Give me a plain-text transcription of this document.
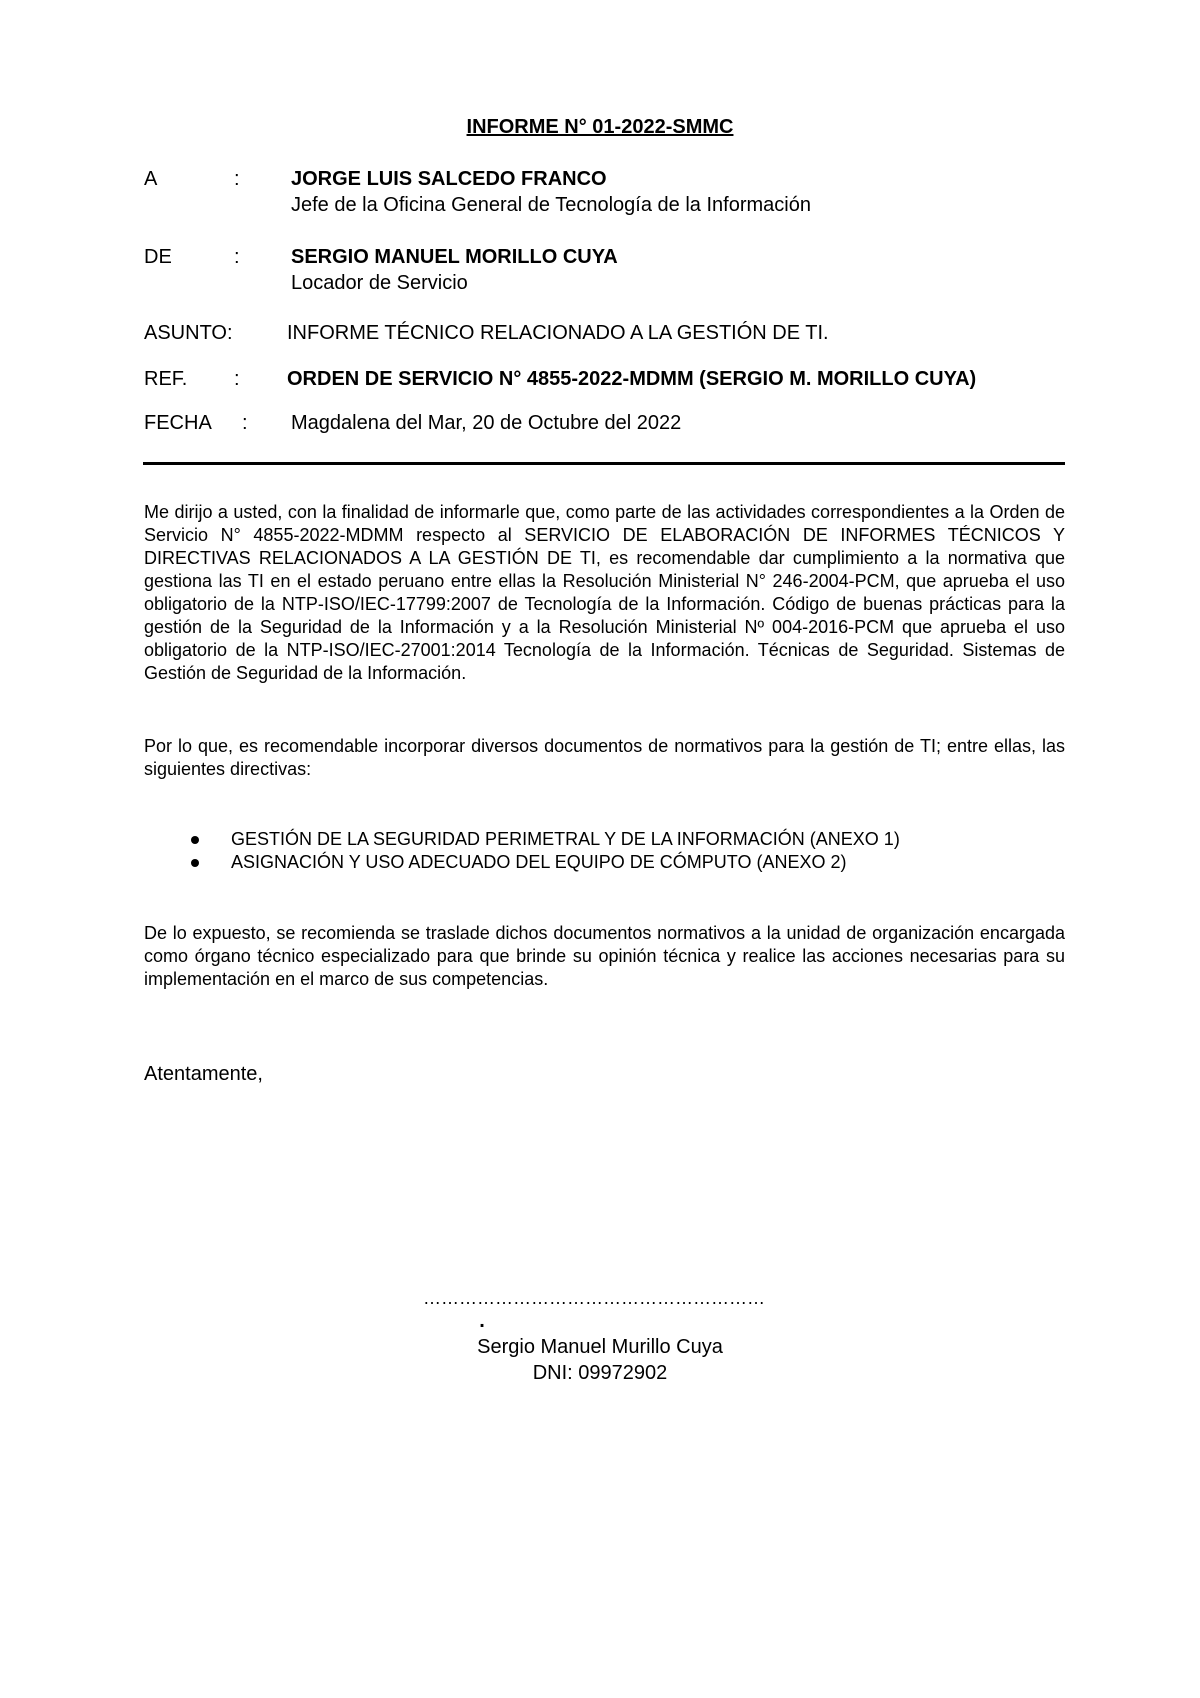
INFORME N° 01-2022-SMMC
A	:	JORGE LUIS SALCEDO FRANCO
Jefe de la Oficina General de Tecnología de la Información
DE	:	SERGIO MANUEL MORILLO CUYA
Locador de Servicio
ASUNTO:	INFORME TÉCNICO RELACIONADO A LA GESTIÓN DE TI.
REF. : ORDEN DE SERVICIO N° 4855-2022-MDMM (SERGIO M. MORILLO CUYA)
FECHA : Magdalena del Mar, 20 de Octubre del 2022

Me dirijo a usted, con la finalidad de informarle que, como parte de las actividades correspondientes a la Orden de Servicio N° 4855-2022-MDMM respecto al SERVICIO DE ELABORACIÓN DE INFORMES TÉCNICOS Y DIRECTIVAS RELACIONADOS A LA GESTIÓN DE TI, es recomendable dar cumplimiento a la normativa que gestiona las TI en el estado peruano entre ellas la Resolución Ministerial N° 246-2004-PCM, que aprueba el uso obligatorio de la NTP-ISO/IEC-17799:2007 de Tecnología de la Información. Código de buenas prácticas para la gestión de la Seguridad de la Información y a la Resolución Ministerial Nº 004-2016-PCM que aprueba el uso obligatorio de la NTP-ISO/IEC-27001:2014 Tecnología de la Información. Técnicas de Seguridad. Sistemas de Gestión de Seguridad de la Información.

Por lo que, es recomendable incorporar diversos documentos de normativos para la gestión de TI; entre ellas, las siguientes directivas:

GESTIÓN DE LA SEGURIDAD PERIMETRAL Y DE LA INFORMACIÓN (ANEXO 1)
ASIGNACIÓN Y USO ADECUADO DEL EQUIPO DE CÓMPUTO (ANEXO 2)

De lo expuesto, se recomienda se traslade dichos documentos normativos a la unidad de organización encargada como órgano técnico especializado para que brinde su opinión técnica y realice las acciones necesarias para su implementación en el marco de sus competencias.

Atentamente,
…………………………………………………
.
Sergio Manuel Murillo Cuya
DNI: 09972902
